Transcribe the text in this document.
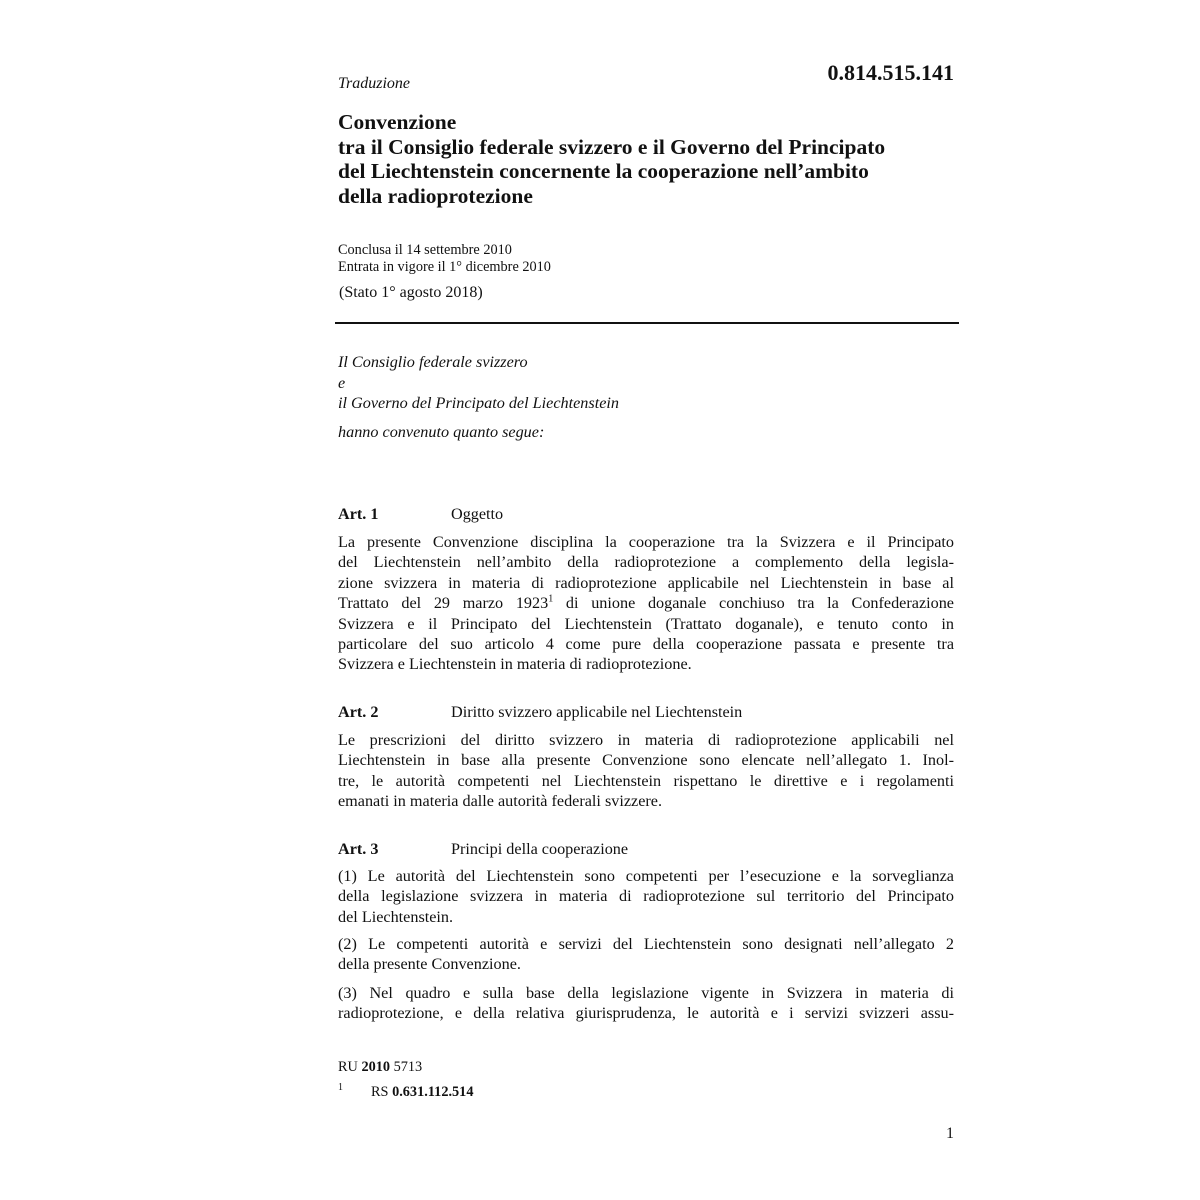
Traduzione	0.814.515.141
Convenzione
tra il Consiglio federale svizzero e il Governo del Principato
del Liechtenstein concernente la cooperazione nell’ambito
della radioprotezione
Conclusa il 14 settembre 2010
Entrata in vigore il 1° dicembre 2010
(Stato 1° agosto 2018)
Il Consiglio federale svizzero
e
il Governo del Principato del Liechtenstein
hanno convenuto quanto segue:
Art. 1	Oggetto
La presente Convenzione disciplina la cooperazione tra la Svizzera e il Principato
del Liechtenstein nell’ambito della radioprotezione a complemento della legisla-
zione svizzera in materia di radioprotezione applicabile nel Liechtenstein in base al
Trattato del 29 marzo 1923$^1$ di unione doganale conchiuso tra la Confederazione
Svizzera e il Principato del Liechtenstein (Trattato doganale), e tenuto conto in
particolare del suo articolo 4 come pure della cooperazione passata e presente tra
Svizzera e Liechtenstein in materia di radioprotezione.
Art. 2	Diritto svizzero applicabile nel Liechtenstein
Le prescrizioni del diritto svizzero in materia di radioprotezione applicabili nel
Liechtenstein in base alla presente Convenzione sono elencate nell’allegato 1. Inol-
tre, le autorità competenti nel Liechtenstein rispettano le direttive e i regolamenti
emanati in materia dalle autorità federali svizzere.
Art. 3	Principi della cooperazione
(1) Le autorità del Liechtenstein sono competenti per l’esecuzione e la sorveglianza
della legislazione svizzera in materia di radioprotezione sul territorio del Principato
del Liechtenstein.
(2) Le competenti autorità e servizi del Liechtenstein sono designati nell’allegato 2
della presente Convenzione.
(3) Nel quadro e sulla base della legislazione vigente in Svizzera in materia di
radioprotezione, e della relativa giurisprudenza, le autorità e i servizi svizzeri assu-
RU 2010 5713
1 RS 0.631.112.514
1
